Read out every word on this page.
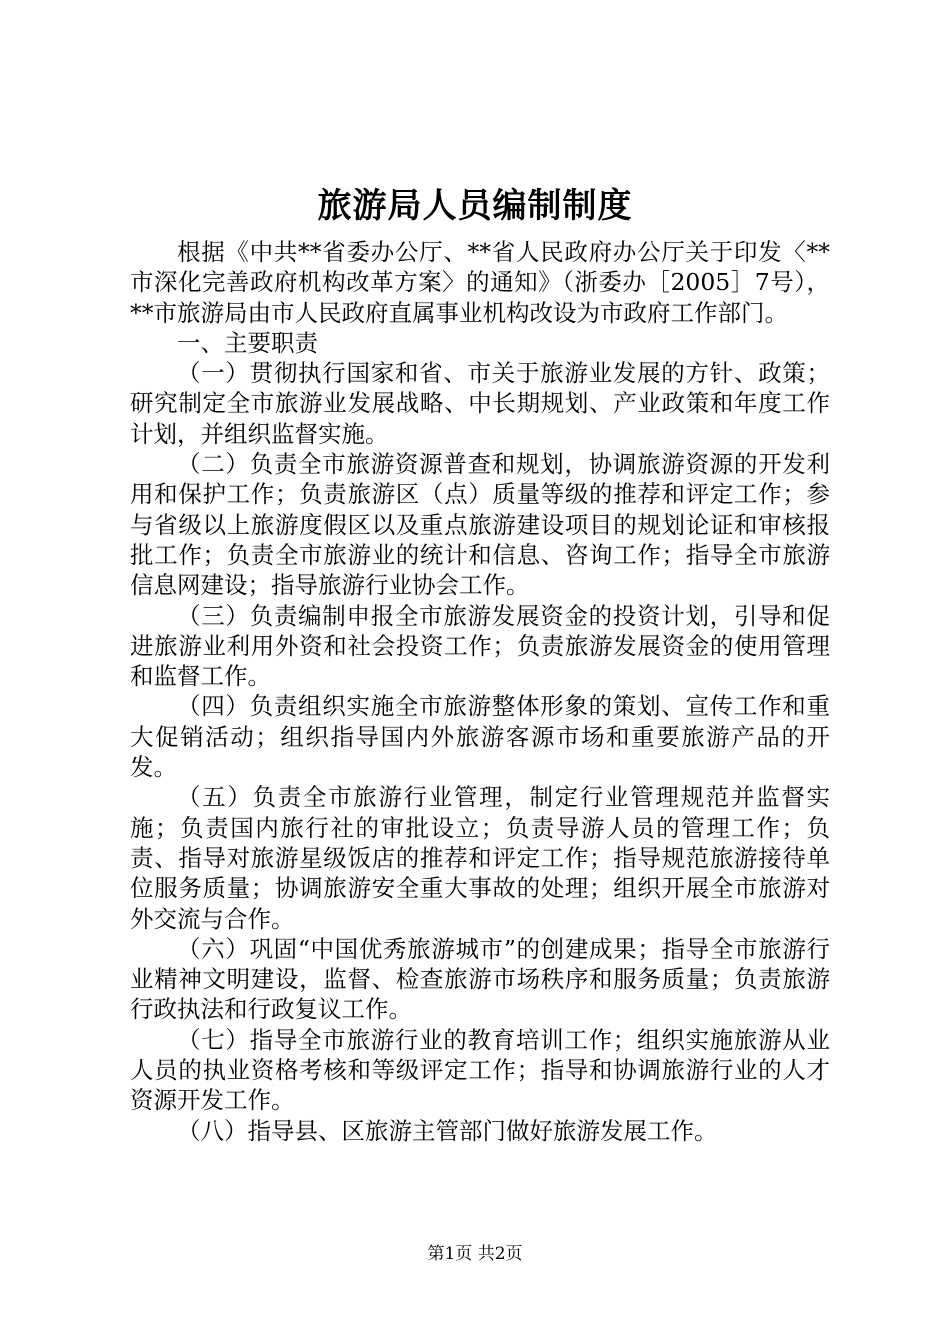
旅游局人员编制制度

根据《中共**省委办公厅、**省人民政府办公厅关于印发〈**市深化完善政府机构改革方案〉的通知》（浙委办［2005］7号），**市旅游局由市人民政府直属事业机构改设为市政府工作部门。

一、主要职责

（一）贯彻执行国家和省、市关于旅游业发展的方针、政策；研究制定全市旅游业发展战略、中长期规划、产业政策和年度工作计划，并组织监督实施。

（二）负责全市旅游资源普查和规划，协调旅游资源的开发利用和保护工作；负责旅游区（点）质量等级的推荐和评定工作；参与省级以上旅游度假区以及重点旅游建设项目的规划论证和审核报批工作；负责全市旅游业的统计和信息、咨询工作；指导全市旅游信息网建设；指导旅游行业协会工作。

（三）负责编制申报全市旅游发展资金的投资计划，引导和促进旅游业利用外资和社会投资工作；负责旅游发展资金的使用管理和监督工作。

（四）负责组织实施全市旅游整体形象的策划、宣传工作和重大促销活动；组织指导国内外旅游客源市场和重要旅游产品的开发。

（五）负责全市旅游行业管理，制定行业管理规范并监督实施；负责国内旅行社的审批设立；负责导游人员的管理工作；负责、指导对旅游星级饭店的推荐和评定工作；指导规范旅游接待单位服务质量；协调旅游安全重大事故的处理；组织开展全市旅游对外交流与合作。

（六）巩固“中国优秀旅游城市”的创建成果；指导全市旅游行业精神文明建设，监督、检查旅游市场秩序和服务质量；负责旅游行政执法和行政复议工作。

（七）指导全市旅游行业的教育培训工作；组织实施旅游从业人员的执业资格考核和等级评定工作；指导和协调旅游行业的人才资源开发工作。

（八）指导县、区旅游主管部门做好旅游发展工作。

第1页 共2页
